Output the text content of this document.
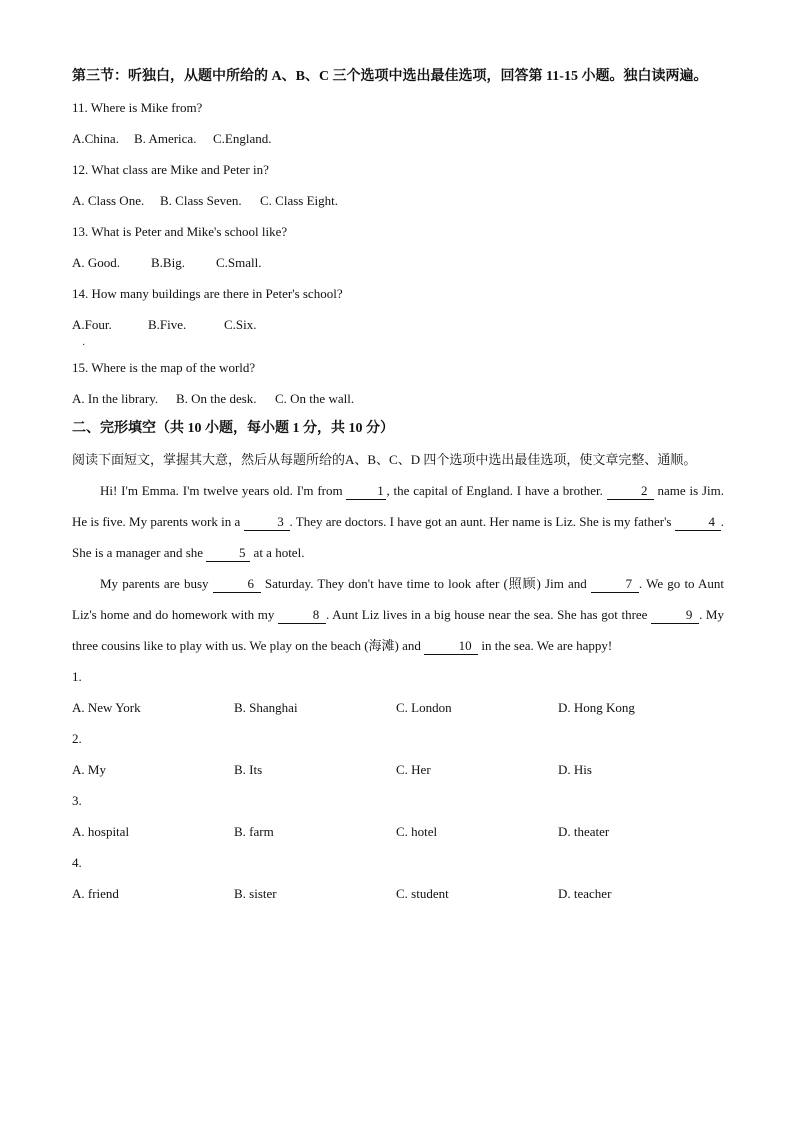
第三节：听独白，从题中所给的 A、B、C 三个选项中选出最佳选项，回答第 11-15 小题。独白读两遍。

11. Where is Mike from?

A.China. B. America. C.England.

12. What class are Mike and Peter in?

A. Class One. B. Class Seven. C. Class Eight.

13. What is Peter and Mike's school like?

A. Good. B.Big. C.Small.

14. How many buildings are there in Peter's school?

A.Four.	B.Five.	C.Six.

·

15. Where is the map of the world?

A. In the library. B. On the desk. C. On the wall.

二、完形填空（共 10 小题，每小题 1 分，共 10 分）

阅读下面短文，掌握其大意，然后从每题所给的A、B、C、D 四个选项中选出最佳选项，使文章完整、通顺。

Hi! I'm Emma. I'm twelve years old. I'm from 1 , the capital of England. I have a brother.	2 name is Jim. He is five. My parents work in a	3 . They are doctors. I have got an aunt. Her name is Liz. She is my father's	4 . She is a manager and she	5 at a hotel.

My parents are busy	6 Saturday. They don't have time to look after (照顾) Jim and	7 . We go to Aunt Liz's home and do homework with my	8 . Aunt Liz lives in a big house near the sea. She has got three	9 . My three cousins like to play with us. We play on the beach (海滩) and	10 in the sea. We are happy!

1.

A. New York	B. Shanghai	C. London	D. Hong Kong

2.

A. My	B. Its	C. Her	D. His

3.

A. hospital	B. farm	C. hotel	D. theater

4.

A. friend	B. sister	C. student	D. teacher
